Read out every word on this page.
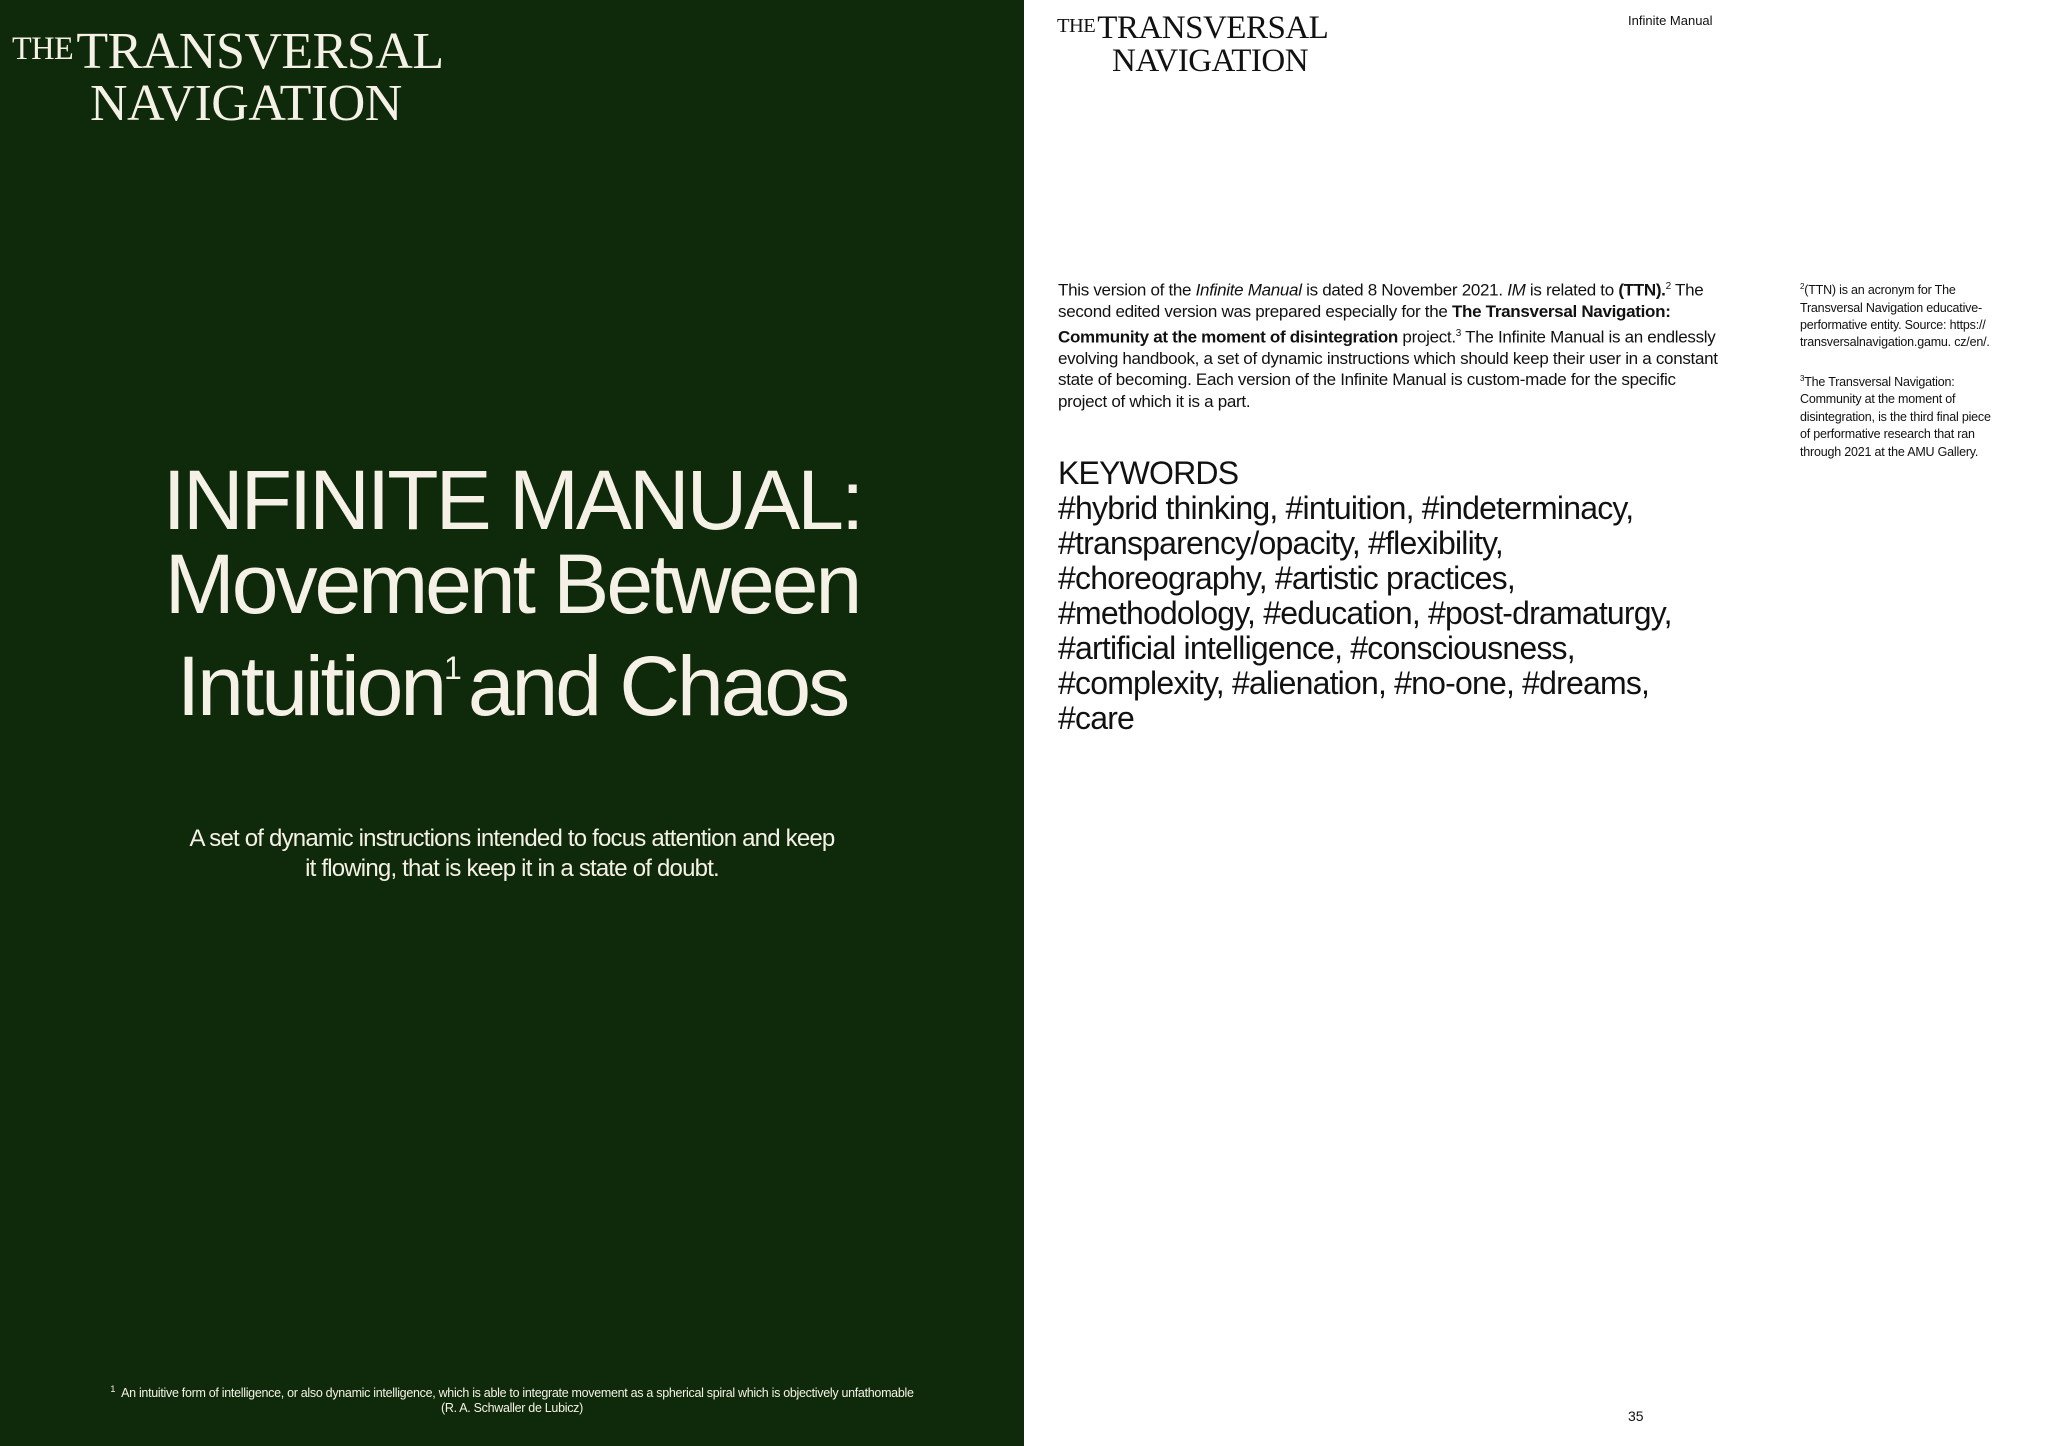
THETRANSVERSAL
NAVIGATION
INFINITE MANUAL:
Movement Between
Intuition$^1$and Chaos
A set of dynamic instructions intended to focus attention and keep
it flowing, that is keep it in a state of doubt.
$^1$ An intuitive form of intelligence, or also dynamic intelligence, which is able to integrate movement as a spherical spiral which is objectively unfathomable
(R. A. Schwaller de Lubicz)
THETRANSVERSAL
NAVIGATION
Infinite Manual
This version of the Infinite Manual is dated 8 November 2021. IM is related to (TTN).$^2$ The second edited version was prepared especially for the The Transversal Navigation: Community at the moment of disintegration project.$^3$ The Infinite Manual is an endlessly evolving handbook, a set of dynamic instructions which should keep their user in a constant state of becoming. Each version of the Infinite Manual is custom-made for the specific project of which it is a part.
KEYWORDS
#hybrid thinking, #intuition, #indeterminacy,
#transparency/opacity, #flexibility,
#choreography, #artistic practices,
#methodology, #education, #post-dramaturgy,
#artificial intelligence, #consciousness,
#complexity, #alienation, #no-one, #dreams,
#care

$^2$(TTN) is an acronym for The Transversal Navigation educative-performative entity. Source: https:// transversalnavigation.gamu. cz/en/.

$^3$The Transversal Navigation: Community at the moment of disintegration, is the third final piece of performative research that ran through 2021 at the AMU Gallery.

35
